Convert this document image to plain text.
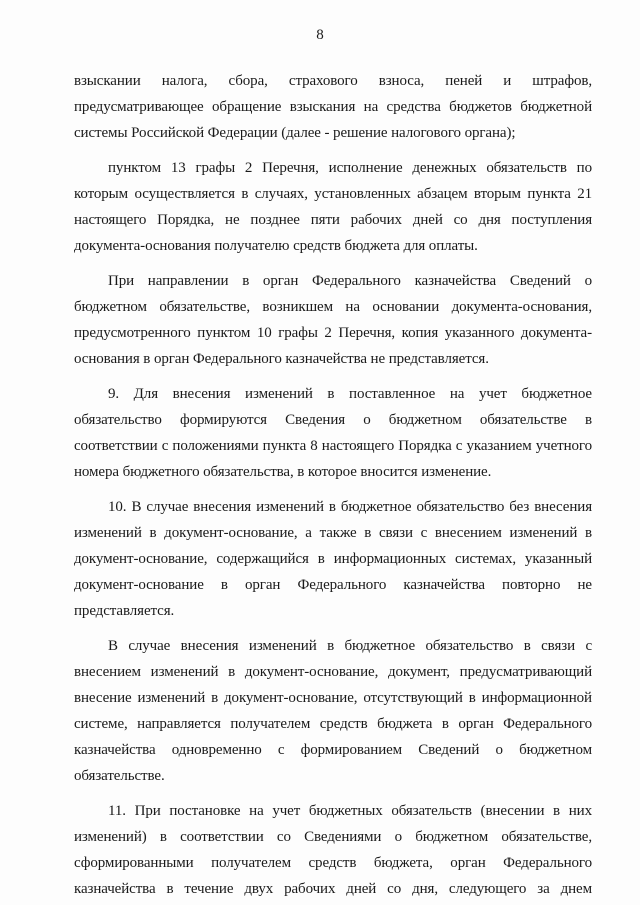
8
взыскании налога, сбора, страхового взноса, пеней и штрафов,
предусматривающее обращение взыскания на средства бюджетов бюджетной
системы Российской Федерации (далее - решение налогового органа);
пунктом 13 графы 2 Перечня, исполнение денежных обязательств по
которым осуществляется в случаях, установленных абзацем вторым пункта 21
настоящего Порядка, не позднее пяти рабочих дней со дня поступления
документа-основания получателю средств бюджета для оплаты.
При направлении в орган Федерального казначейства Сведений о
бюджетном обязательстве, возникшем на основании документа-основания,
предусмотренного пунктом 10 графы 2 Перечня, копия указанного документа-
основания в орган Федерального казначейства не представляется.
9. Для внесения изменений в поставленное на учет бюджетное
обязательство формируются Сведения о бюджетном обязательстве в
соответствии с положениями пункта 8 настоящего Порядка с указанием учетного
номера бюджетного обязательства, в которое вносится изменение.
10. В случае внесения изменений в бюджетное обязательство без внесения
изменений в документ-основание, а также в связи с внесением изменений в
документ-основание, содержащийся в информационных системах, указанный
документ-основание в орган Федерального казначейства повторно не
представляется.
В случае внесения изменений в бюджетное обязательство в связи с
внесением изменений в документ-основание, документ, предусматривающий
внесение изменений в документ-основание, отсутствующий в информационной
системе, направляется получателем средств бюджета в орган Федерального
казначейства одновременно с формированием Сведений о бюджетном
обязательстве.
11. При постановке на учет бюджетных обязательств (внесении в них
изменений) в соответствии со Сведениями о бюджетном обязательстве,
сформированными получателем средств бюджета, орган Федерального
казначейства в течение двух рабочих дней со дня, следующего за днем
